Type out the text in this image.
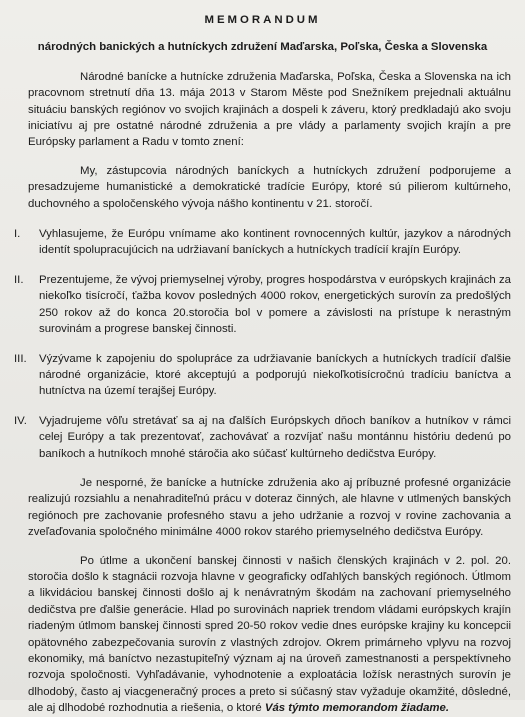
MEMORANDUM
národných banických a hutníckych združení Maďarska, Poľska, Česka a Slovenska

Národné banícke a hutnícke združenia Maďarska, Poľska, Česka a Slovenska na ich pracovnom stretnutí dňa 13. mája 2013 v Starom Měste pod Snežníkem prejednali aktuálnu situáciu banských regiónov vo svojich krajinách a dospeli k záveru, ktorý predkladajú ako svoju iniciatívu aj pre ostatné národné združenia a pre vlády a parlamenty svojich krajín a pre Európsky parlament a Radu v tomto znení:

My, zástupcovia národných baníckych a hutníckych združení podporujeme a presadzujeme humanistické a demokratické tradície Európy, ktoré sú pilierom kultúrneho, duchovného a spoločenského vývoja nášho kontinentu v 21. storočí.

I.	Vyhlasujeme, že Európu vnímame ako kontinent rovnocenných kultúr, jazykov a národných identít spolupracujúcich na udržiavaní baníckych a hutníckych tradícií krajín Európy.
II.	Prezentujeme, že vývoj priemyselnej výroby, progres hospodárstva v európskych krajinách za niekoľko tisícročí, ťažba kovov posledných 4000 rokov, energetických surovín za predošlých 250 rokov až do konca 20.storočia bol v pomere a závislosti na prístupe k nerastným surovinám a progrese banskej činnosti.
III.	Výzývame k zapojeniu do spolupráce za udržiavanie baníckych a hutníckych tradícií ďalšie národné organizácie, ktoré akceptujú a podporujú niekoľkotisícročnú tradíciu baníctva a hutníctva na území terajšej Európy.
IV.	Vyjadrujeme vôľu stretávať sa aj na ďalších Európskych dňoch baníkov a hutníkov v rámci celej Európy a tak prezentovať, zachovávať a rozvíjať našu montánnu históriu dedenú po baníkoch a hutníkoch mnohé stáročia ako súčasť kultúrneho dedičstva Európy.

Je nesporné, že banícke a hutnícke združenia ako aj príbuzné profesné organizácie realizujú rozsiahlu a nenahraditeľnú prácu v doteraz činných, ale hlavne v utlmených banských regiónoch pre zachovanie profesného stavu a jeho udržanie a rozvoj v rovine zachovania a zveľaďovania spoločného minimálne 4000 rokov starého priemyselného dedičstva Európy.

Po útlme a ukončení banskej činnosti v našich členských krajinách v 2. pol. 20. storočia došlo k stagnácii rozvoja hlavne v geograficky odľahlých banských regiónoch. Útlmom a likvidáciou banskej činnosti došlo aj k nenávratným škodám na zachovaní priemyselného dedičstva pre ďalšie generácie. Hlad po surovinách napriek trendom vládami európskych krajín riadeným útlmom banskej činnosti spred 20-50 rokov vedie dnes európske krajiny ku koncepcii opätovného zabezpečovania surovín z vlastných zdrojov. Okrem primárneho vplyvu na rozvoj ekonomiky, má baníctvo nezastupiteľný význam aj na úroveň zamestnanosti a perspektívneho rozvoja spoločnosti. Vyhľadávanie, vyhodnotenie a exploatácia ložísk nerastných surovín je dlhodobý, často aj viacgeneračný proces a preto si súčasný stav vyžaduje okamžité, dôsledné, ale aj dlhodobé rozhodnutia a riešenia, o ktoré Vás týmto memorandom žiadame.
